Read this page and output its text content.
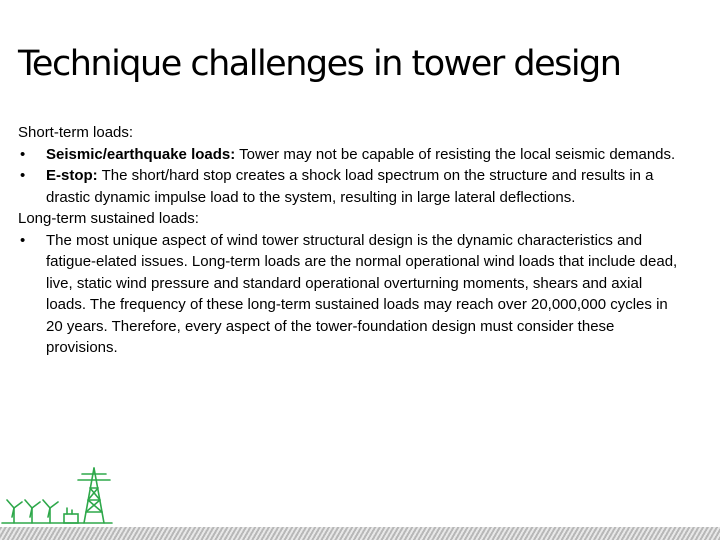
Technique challenges in tower design

Short-term loads:

• Seismic/earthquake loads: Tower may not be capable of resisting the local seismic demands.

• E-stop: The short/hard stop creates a shock load spectrum on the structure and results in a drastic dynamic impulse load to the system, resulting in large lateral deflections.

Long-term sustained loads:

• The most unique aspect of wind tower structural design is the dynamic characteristics and fatigue-elated issues. Long-term loads are the normal operational wind loads that include dead, live, static wind pressure and standard operational overturning moments, shears and axial loads. The frequency of these long-term sustained loads may reach over 20,000,000 cycles in 20 years. Therefore, every aspect of the tower-foundation design must consider these provisions.
